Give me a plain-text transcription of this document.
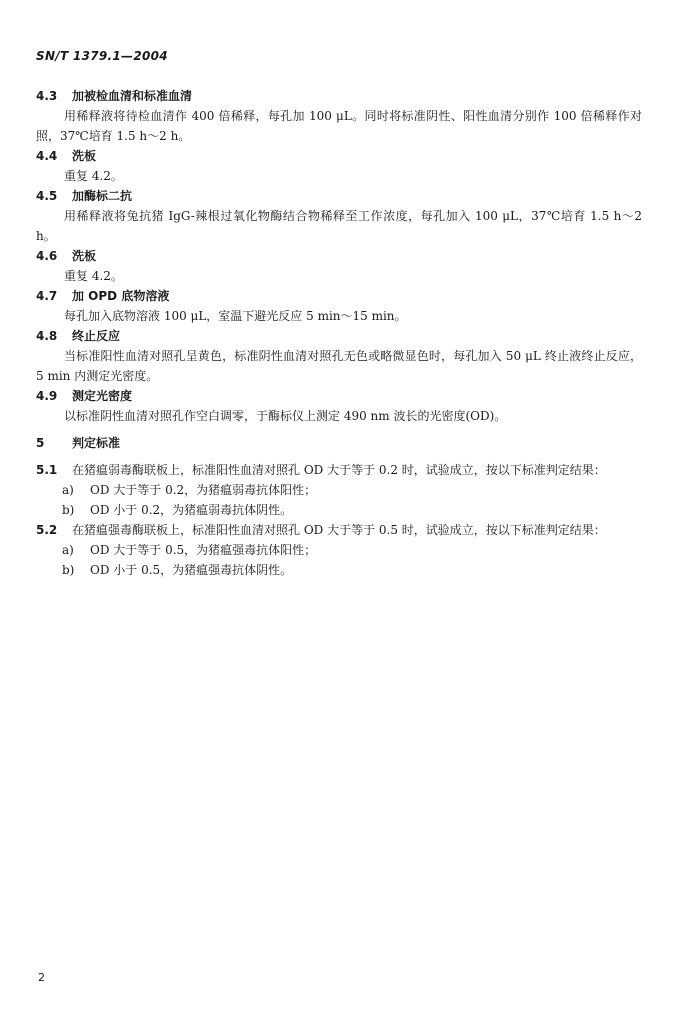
SN/T 1379.1—2004
4.3 加被检血清和标准血清
用稀释液将待检血清作 400 倍稀释，每孔加 100 μL。同时将标准阴性、阳性血清分别作 100 倍稀释作对照，37℃培育 1.5 h～2 h。
4.4 洗板
重复 4.2。
4.5 加酶标二抗
用稀释液将兔抗猪 IgG-辣根过氧化物酶结合物稀释至工作浓度，每孔加入 100 μL，37℃培育 1.5 h～2 h。
4.6 洗板
重复 4.2。
4.7 加 OPD 底物溶液
每孔加入底物溶液 100 μL，室温下避光反应 5 min～15 min。
4.8 终止反应
当标准阳性血清对照孔呈黄色，标准阴性血清对照孔无色或略微显色时，每孔加入 50 μL 终止液终止反应，5 min 内测定光密度。
4.9 测定光密度
以标准阴性血清对照孔作空白调零，于酶标仪上测定 490 nm 波长的光密度(OD)。
5 判定标准
5.1 在猪瘟弱毒酶联板上，标准阳性血清对照孔 OD 大于等于 0.2 时，试验成立，按以下标准判定结果：
a) OD 大于等于 0.2，为猪瘟弱毒抗体阳性；
b) OD 小于 0.2，为猪瘟弱毒抗体阴性。
5.2 在猪瘟强毒酶联板上，标准阳性血清对照孔 OD 大于等于 0.5 时，试验成立，按以下标准判定结果：
a) OD 大于等于 0.5，为猪瘟强毒抗体阳性；
b) OD 小于 0.5，为猪瘟强毒抗体阴性。
2
